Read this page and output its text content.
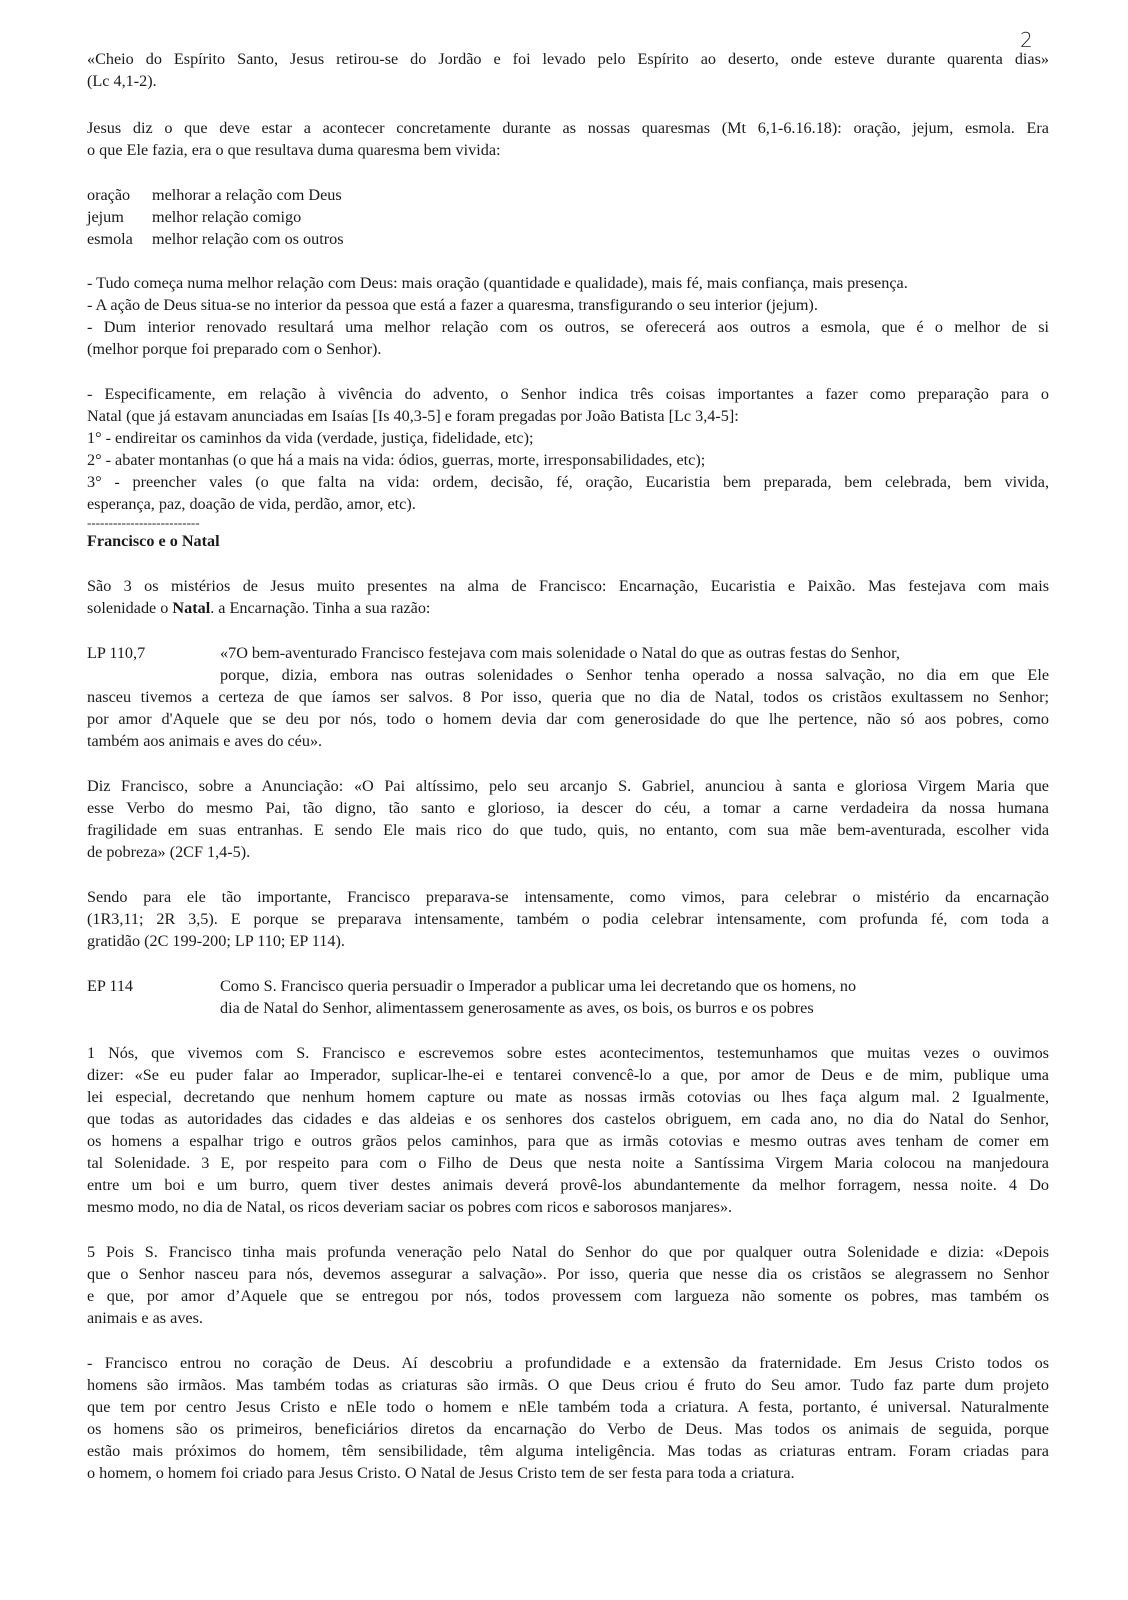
2
«Cheio do Espírito Santo, Jesus retirou-se do Jordão e foi levado pelo Espírito ao deserto, onde esteve durante quarenta dias»
(Lc 4,1-2).
Jesus diz o que deve estar a acontecer concretamente durante as nossas quaresmas (Mt 6,1-6.16.18): oração, jejum, esmola. Era
o que Ele fazia, era o que resultava duma quaresma bem vivida:
oração melhorar a relação com Deus
jejum melhor relação comigo
esmola melhor relação com os outros
- Tudo começa numa melhor relação com Deus: mais oração (quantidade e qualidade), mais fé, mais confiança, mais presença.
- A ação de Deus situa-se no interior da pessoa que está a fazer a quaresma, transfigurando o seu interior (jejum).
- Dum interior renovado resultará uma melhor relação com os outros, se oferecerá aos outros a esmola, que é o melhor de si
(melhor porque foi preparado com o Senhor).
- Especificamente, em relação à vivência do advento, o Senhor indica três coisas importantes a fazer como preparação para o
Natal (que já estavam anunciadas em Isaías [Is 40,3-5] e foram pregadas por João Batista [Lc 3,4-5]:
1° - endireitar os caminhos da vida (verdade, justiça, fidelidade, etc);
2° - abater montanhas (o que há a mais na vida: ódios, guerras, morte, irresponsabilidades, etc);
3° - preencher vales (o que falta na vida: ordem, decisão, fé, oração, Eucaristia bem preparada, bem celebrada, bem vivida,
esperança, paz, doação de vida, perdão, amor, etc).
--------------------------
Francisco e o Natal
São 3 os mistérios de Jesus muito presentes na alma de Francisco: Encarnação, Eucaristia e Paixão. Mas festejava com mais
solenidade o Natal. a Encarnação. Tinha a sua razão:
LP 110,7	«7O bem-aventurado Francisco festejava com mais solenidade o Natal do que as outras festas do Senhor,
porque, dizia, embora nas outras solenidades o Senhor tenha operado a nossa salvação, no dia em que Ele
nasceu tivemos a certeza de que íamos ser salvos. 8 Por isso, queria que no dia de Natal, todos os cristãos exultassem no Senhor;
por amor d'Aquele que se deu por nós, todo o homem devia dar com generosidade do que lhe pertence, não só aos pobres, como
também aos animais e aves do céu».
Diz Francisco, sobre a Anunciação: «O Pai altíssimo, pelo seu arcanjo S. Gabriel, anunciou à santa e gloriosa Virgem Maria que
esse Verbo do mesmo Pai, tão digno, tão santo e glorioso, ia descer do céu, a tomar a carne verdadeira da nossa humana
fragilidade em suas entranhas. E sendo Ele mais rico do que tudo, quis, no entanto, com sua mãe bem-aventurada, escolher vida
de pobreza» (2CF 1,4-5).
Sendo para ele tão importante, Francisco preparava-se intensamente, como vimos, para celebrar o mistério da encarnação
(1R3,11; 2R 3,5). E porque se preparava intensamente, também o podia celebrar intensamente, com profunda fé, com toda a
gratidão (2C 199-200; LP 110; EP 114).
EP 114	Como S. Francisco queria persuadir o Imperador a publicar uma lei decretando que os homens, no
dia de Natal do Senhor, alimentassem generosamente as aves, os bois, os burros e os pobres
1 Nós, que vivemos com S. Francisco e escrevemos sobre estes acontecimentos, testemunhamos que muitas vezes o ouvimos
dizer: «Se eu puder falar ao Imperador, suplicar-lhe-ei e tentarei convencê-lo a que, por amor de Deus e de mim, publique uma
lei especial, decretando que nenhum homem capture ou mate as nossas irmãs cotovias ou lhes faça algum mal. 2 Igualmente,
que todas as autoridades das cidades e das aldeias e os senhores dos castelos obriguem, em cada ano, no dia do Natal do Senhor,
os homens a espalhar trigo e outros grãos pelos caminhos, para que as irmãs cotovias e mesmo outras aves tenham de comer em
tal Solenidade. 3 E, por respeito para com o Filho de Deus que nesta noite a Santíssima Virgem Maria colocou na manjedoura
entre um boi e um burro, quem tiver destes animais deverá provê-los abundantemente da melhor forragem, nessa noite. 4 Do
mesmo modo, no dia de Natal, os ricos deveriam saciar os pobres com ricos e saborosos manjares».
5 Pois S. Francisco tinha mais profunda veneração pelo Natal do Senhor do que por qualquer outra Solenidade e dizia: «Depois
que o Senhor nasceu para nós, devemos assegurar a salvação». Por isso, queria que nesse dia os cristãos se alegrassem no Senhor
e que, por amor d’Aquele que se entregou por nós, todos provessem com largueza não somente os pobres, mas também os
animais e as aves.
- Francisco entrou no coração de Deus. Aí descobriu a profundidade e a extensão da fraternidade. Em Jesus Cristo todos os
homens são irmãos. Mas também todas as criaturas são irmãs. O que Deus criou é fruto do Seu amor. Tudo faz parte dum projeto
que tem por centro Jesus Cristo e nEle todo o homem e nEle também toda a criatura. A festa, portanto, é universal. Naturalmente
os homens são os primeiros, beneficiários diretos da encarnação do Verbo de Deus. Mas todos os animais de seguida, porque
estão mais próximos do homem, têm sensibilidade, têm alguma inteligência. Mas todas as criaturas entram. Foram criadas para
o homem, o homem foi criado para Jesus Cristo. O Natal de Jesus Cristo tem de ser festa para toda a criatura.
